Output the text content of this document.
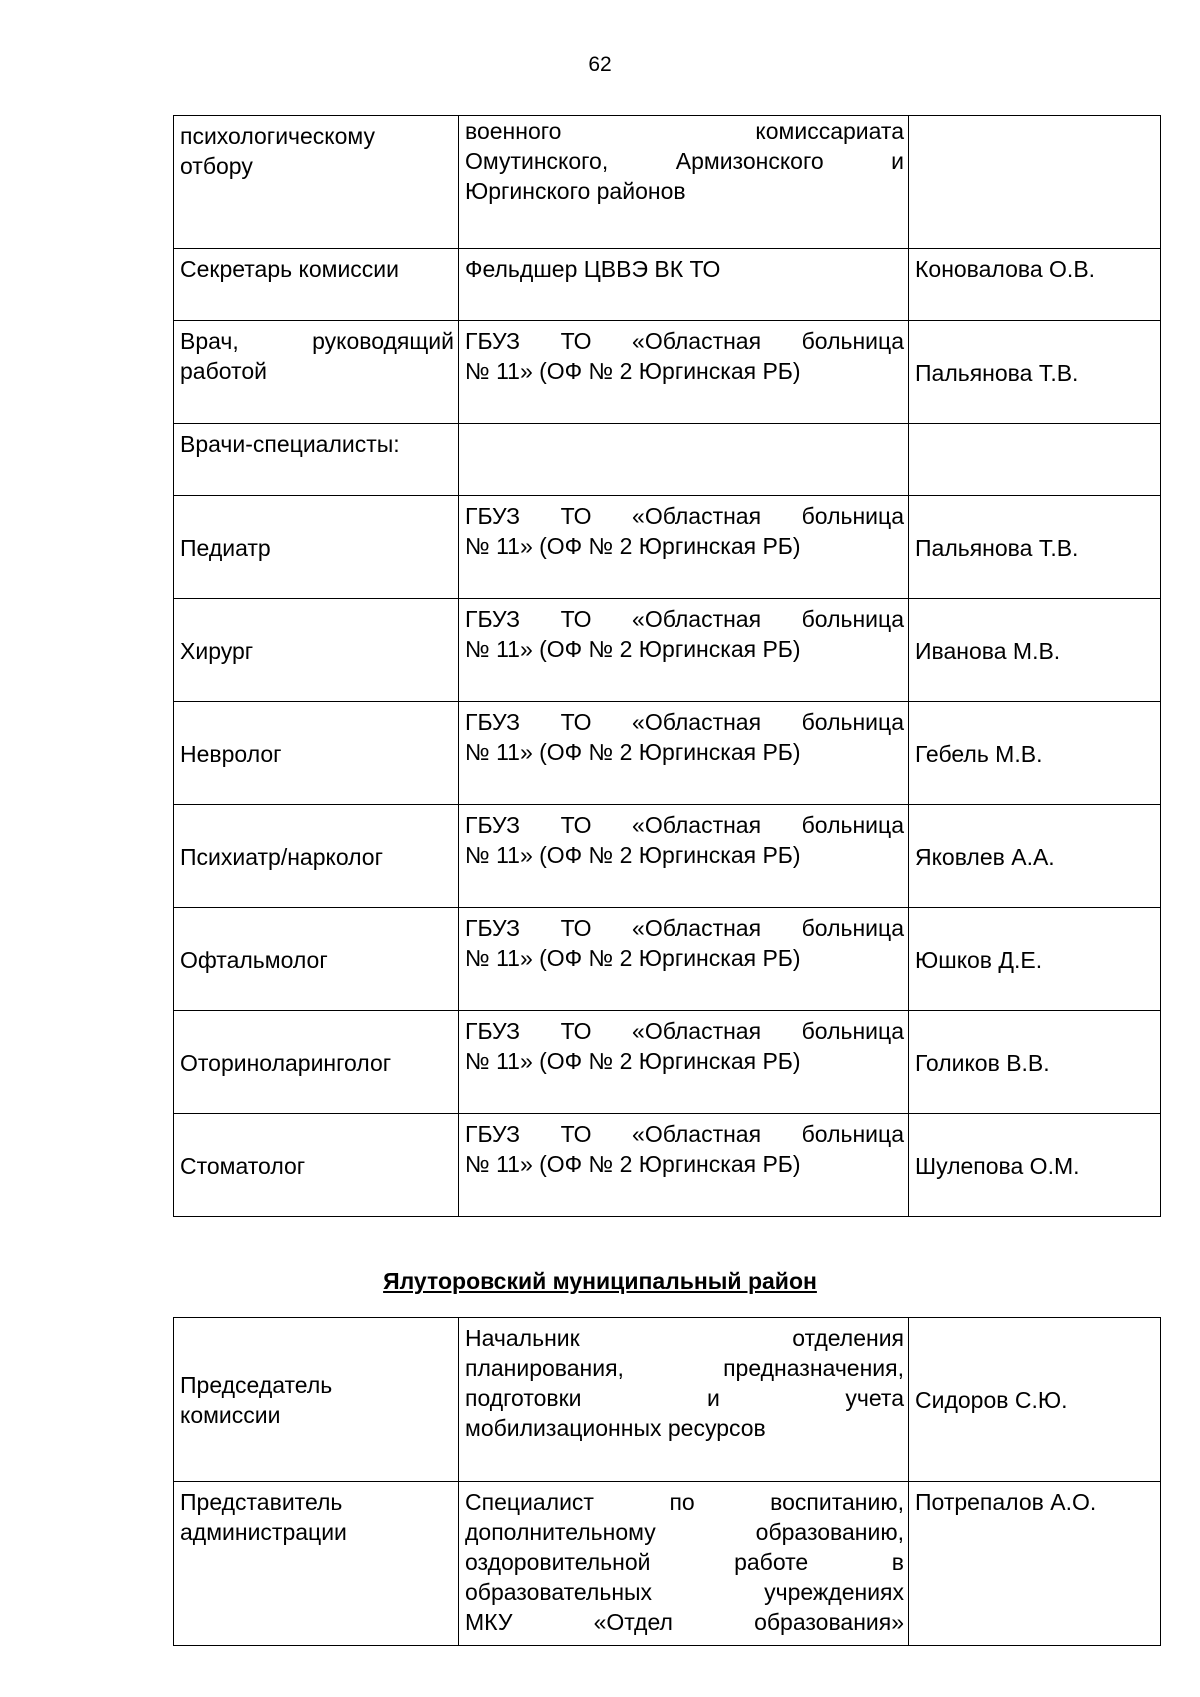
62
психологическому
отбору	военного комиссариата
Омутинского, Армизонского и
Юргинского районов	

Секретарь комиссии	Фельдшер ЦВВЭ ВК ТО	Коновалова О.В.

Врач, руководящий
работой	ГБУЗ ТО «Областная больница
№ 11» (ОФ № 2 Юргинская РБ)	Пальянова Т.В.

Врачи-специалисты:		

Педиатр	ГБУЗ ТО «Областная больница
№ 11» (ОФ № 2 Юргинская РБ)	Пальянова Т.В.

Хирург	ГБУЗ ТО «Областная больница
№ 11» (ОФ № 2 Юргинская РБ)	Иванова М.В.

Невролог	ГБУЗ ТО «Областная больница
№ 11» (ОФ № 2 Юргинская РБ)	Гебель М.В.

Психиатр/нарколог	ГБУЗ ТО «Областная больница
№ 11» (ОФ № 2 Юргинская РБ)	Яковлев А.А.

Офтальмолог	ГБУЗ ТО «Областная больница
№ 11» (ОФ № 2 Юргинская РБ)	Юшков Д.Е.

Оториноларинголог	ГБУЗ ТО «Областная больница
№ 11» (ОФ № 2 Юргинская РБ)	Голиков В.В.

Стоматолог	ГБУЗ ТО «Областная больница
№ 11» (ОФ № 2 Юргинская РБ)	Шулепова О.М.
Ялуторовский муниципальный район
Председатель
комиссии	Начальник отделения
планирования, предназначения,
подготовки и учета
мобилизационных ресурсов	Сидоров С.Ю.

Представитель
администрации	Специалист по воспитанию,
дополнительному образованию,
оздоровительной работе в
образовательных учреждениях
МКУ «Отдел образования»	Потрепалов А.О.
